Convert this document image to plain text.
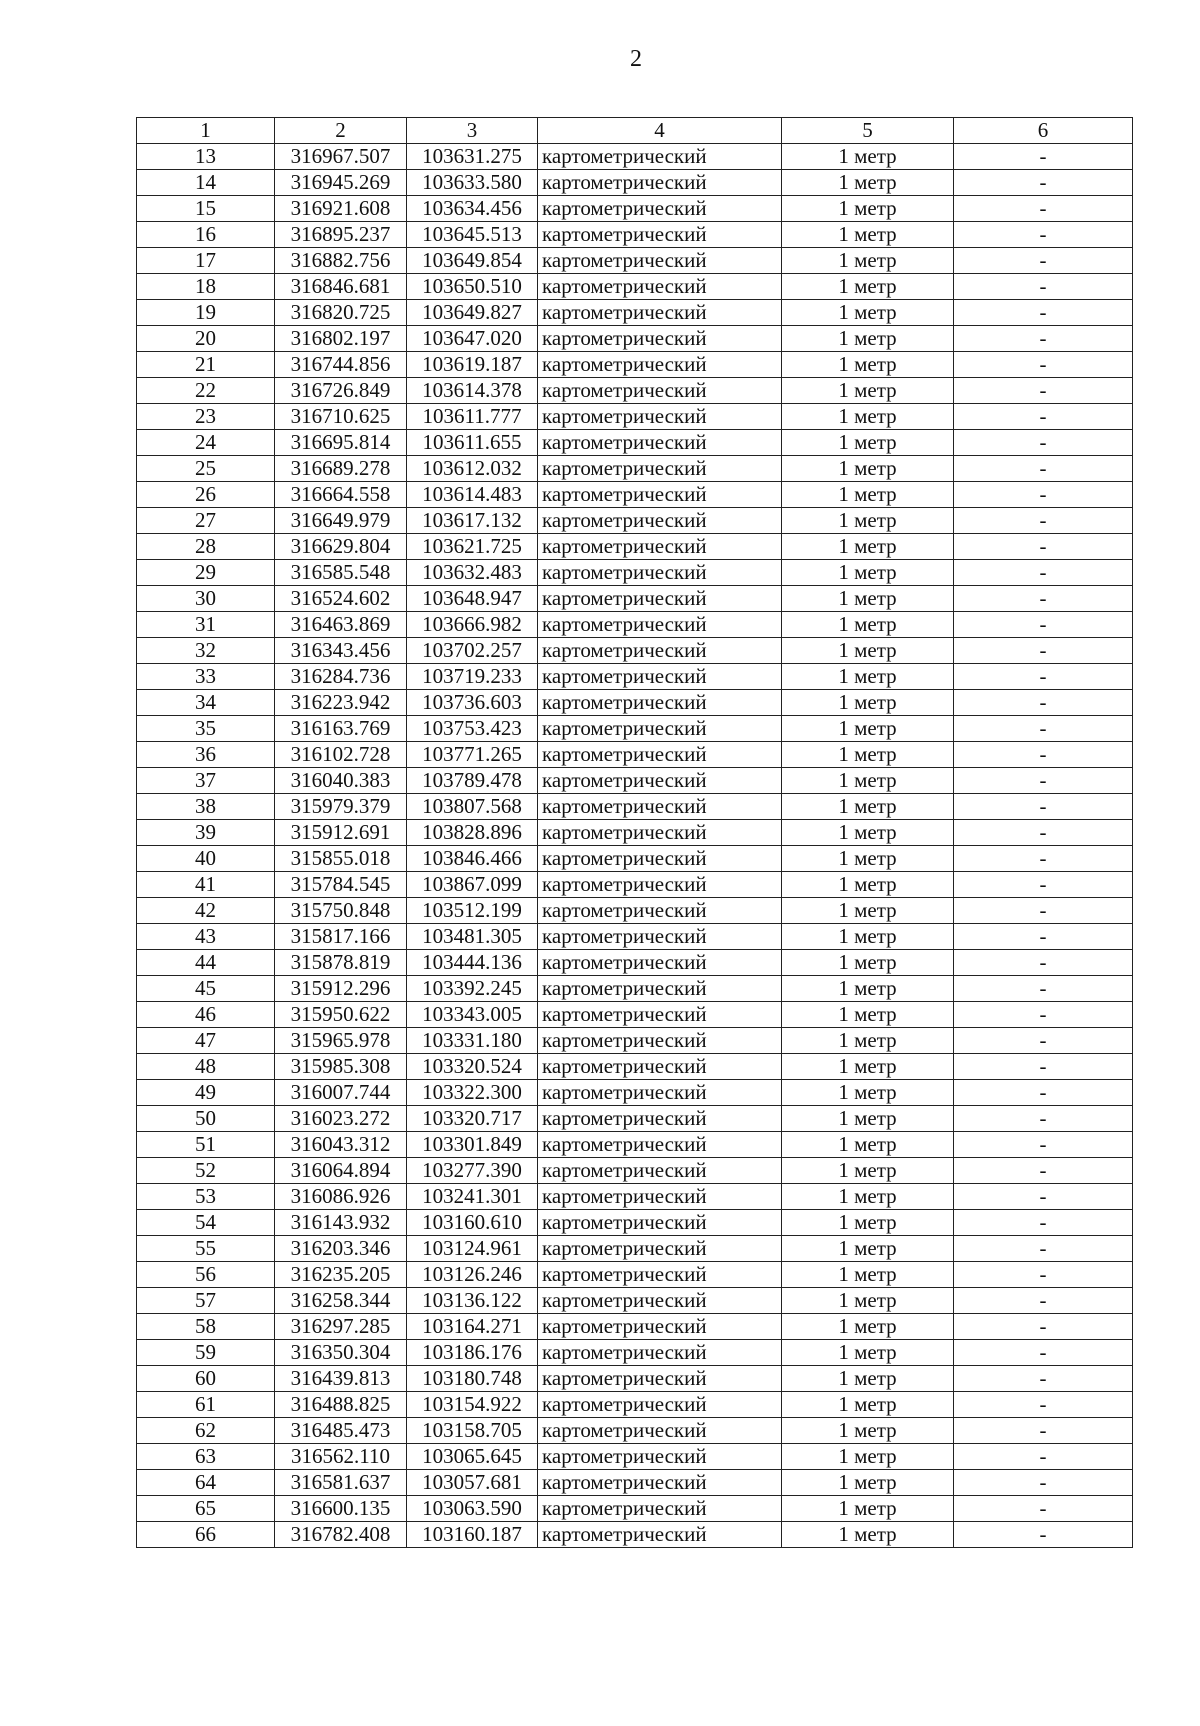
2
1	2	3	4	5	6
13	316967.507	103631.275	картометрический	1 метр	-
14	316945.269	103633.580	картометрический	1 метр	-
15	316921.608	103634.456	картометрический	1 метр	-
16	316895.237	103645.513	картометрический	1 метр	-
17	316882.756	103649.854	картометрический	1 метр	-
18	316846.681	103650.510	картометрический	1 метр	-
19	316820.725	103649.827	картометрический	1 метр	-
20	316802.197	103647.020	картометрический	1 метр	-
21	316744.856	103619.187	картометрический	1 метр	-
22	316726.849	103614.378	картометрический	1 метр	-
23	316710.625	103611.777	картометрический	1 метр	-
24	316695.814	103611.655	картометрический	1 метр	-
25	316689.278	103612.032	картометрический	1 метр	-
26	316664.558	103614.483	картометрический	1 метр	-
27	316649.979	103617.132	картометрический	1 метр	-
28	316629.804	103621.725	картометрический	1 метр	-
29	316585.548	103632.483	картометрический	1 метр	-
30	316524.602	103648.947	картометрический	1 метр	-
31	316463.869	103666.982	картометрический	1 метр	-
32	316343.456	103702.257	картометрический	1 метр	-
33	316284.736	103719.233	картометрический	1 метр	-
34	316223.942	103736.603	картометрический	1 метр	-
35	316163.769	103753.423	картометрический	1 метр	-
36	316102.728	103771.265	картометрический	1 метр	-
37	316040.383	103789.478	картометрический	1 метр	-
38	315979.379	103807.568	картометрический	1 метр	-
39	315912.691	103828.896	картометрический	1 метр	-
40	315855.018	103846.466	картометрический	1 метр	-
41	315784.545	103867.099	картометрический	1 метр	-
42	315750.848	103512.199	картометрический	1 метр	-
43	315817.166	103481.305	картометрический	1 метр	-
44	315878.819	103444.136	картометрический	1 метр	-
45	315912.296	103392.245	картометрический	1 метр	-
46	315950.622	103343.005	картометрический	1 метр	-
47	315965.978	103331.180	картометрический	1 метр	-
48	315985.308	103320.524	картометрический	1 метр	-
49	316007.744	103322.300	картометрический	1 метр	-
50	316023.272	103320.717	картометрический	1 метр	-
51	316043.312	103301.849	картометрический	1 метр	-
52	316064.894	103277.390	картометрический	1 метр	-
53	316086.926	103241.301	картометрический	1 метр	-
54	316143.932	103160.610	картометрический	1 метр	-
55	316203.346	103124.961	картометрический	1 метр	-
56	316235.205	103126.246	картометрический	1 метр	-
57	316258.344	103136.122	картометрический	1 метр	-
58	316297.285	103164.271	картометрический	1 метр	-
59	316350.304	103186.176	картометрический	1 метр	-
60	316439.813	103180.748	картометрический	1 метр	-
61	316488.825	103154.922	картометрический	1 метр	-
62	316485.473	103158.705	картометрический	1 метр	-
63	316562.110	103065.645	картометрический	1 метр	-
64	316581.637	103057.681	картометрический	1 метр	-
65	316600.135	103063.590	картометрический	1 метр	-
66	316782.408	103160.187	картометрический	1 метр	-
